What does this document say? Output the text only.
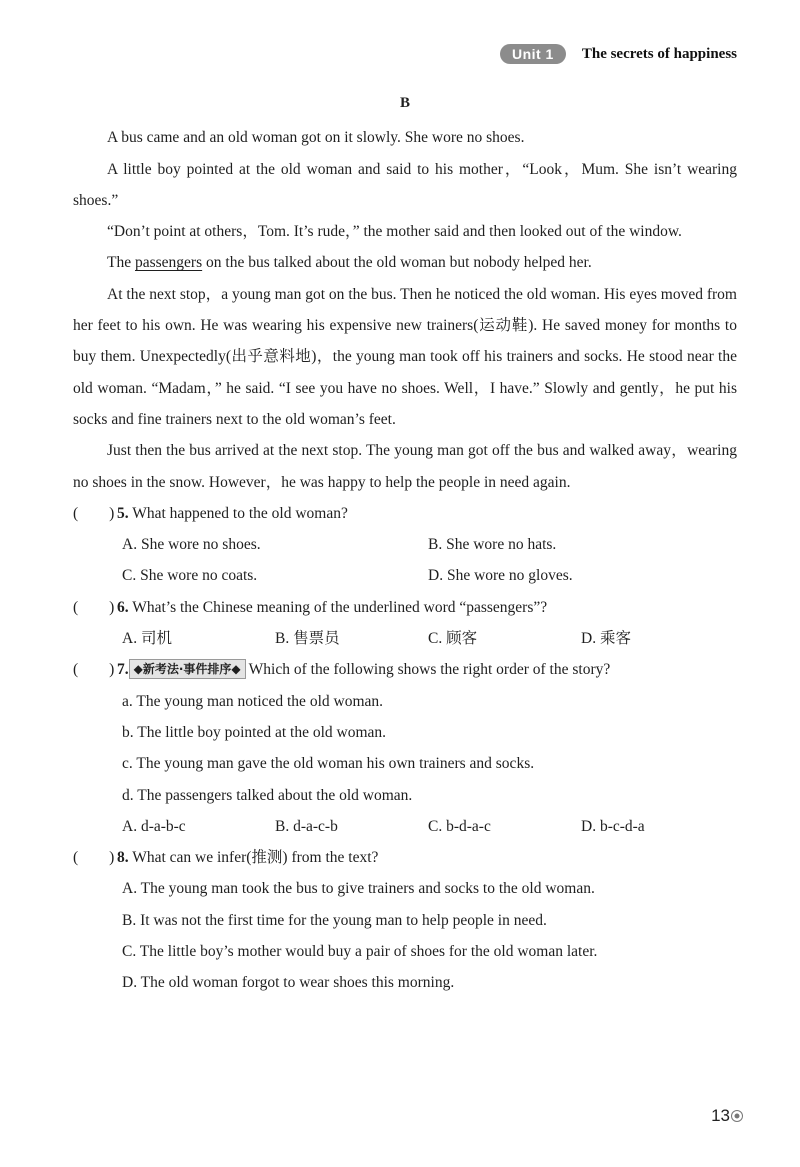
Unit 1	The secrets of happiness
B

A bus came and an old woman got on it slowly. She wore no shoes.

A little boy pointed at the old woman and said to his mother，“Look，Mum. She isn’t wearing shoes.”

“Don’t point at others，Tom. It’s rude，” the mother said and then looked out of the window.

The passengers on the bus talked about the old woman but nobody helped her.

At the next stop，a young man got on the bus. Then he noticed the old woman. His eyes moved from her feet to his own. He was wearing his expensive new trainers(运动鞋). He saved money for months to buy them. Unexpectedly(出乎意料地)，the young man took off his trainers and socks. He stood near the old woman. “Madam，” he said. “I see you have no shoes. Well，I have.” Slowly and gently，he put his socks and fine trainers next to the old woman’s feet.

Just then the bus arrived at the next stop. The young man got off the bus and walked away，wearing no shoes in the snow. However，he was happy to help the people in need again.

(　　) 5. What happened to the old woman?
A. She wore no shoes.	B. She wore no hats.
C. She wore no coats.	D. She wore no gloves.
(　　) 6. What’s the Chinese meaning of the underlined word “passengers”?
A. 司机	B. 售票员	C. 顾客	D. 乘客
(　　) 7. ◆新考法·事件排序◆ Which of the following shows the right order of the story?
a. The young man noticed the old woman.
b. The little boy pointed at the old woman.
c. The young man gave the old woman his own trainers and socks.
d. The passengers talked about the old woman.
A. d-a-b-c	B. d-a-c-b	C. b-d-a-c	D. b-c-d-a
(　　) 8. What can we infer(推测) from the text?
A. The young man took the bus to give trainers and socks to the old woman.
B. It was not the first time for the young man to help people in need.
C. The little boy’s mother would buy a pair of shoes for the old woman later.
D. The old woman forgot to wear shoes this morning.
13
